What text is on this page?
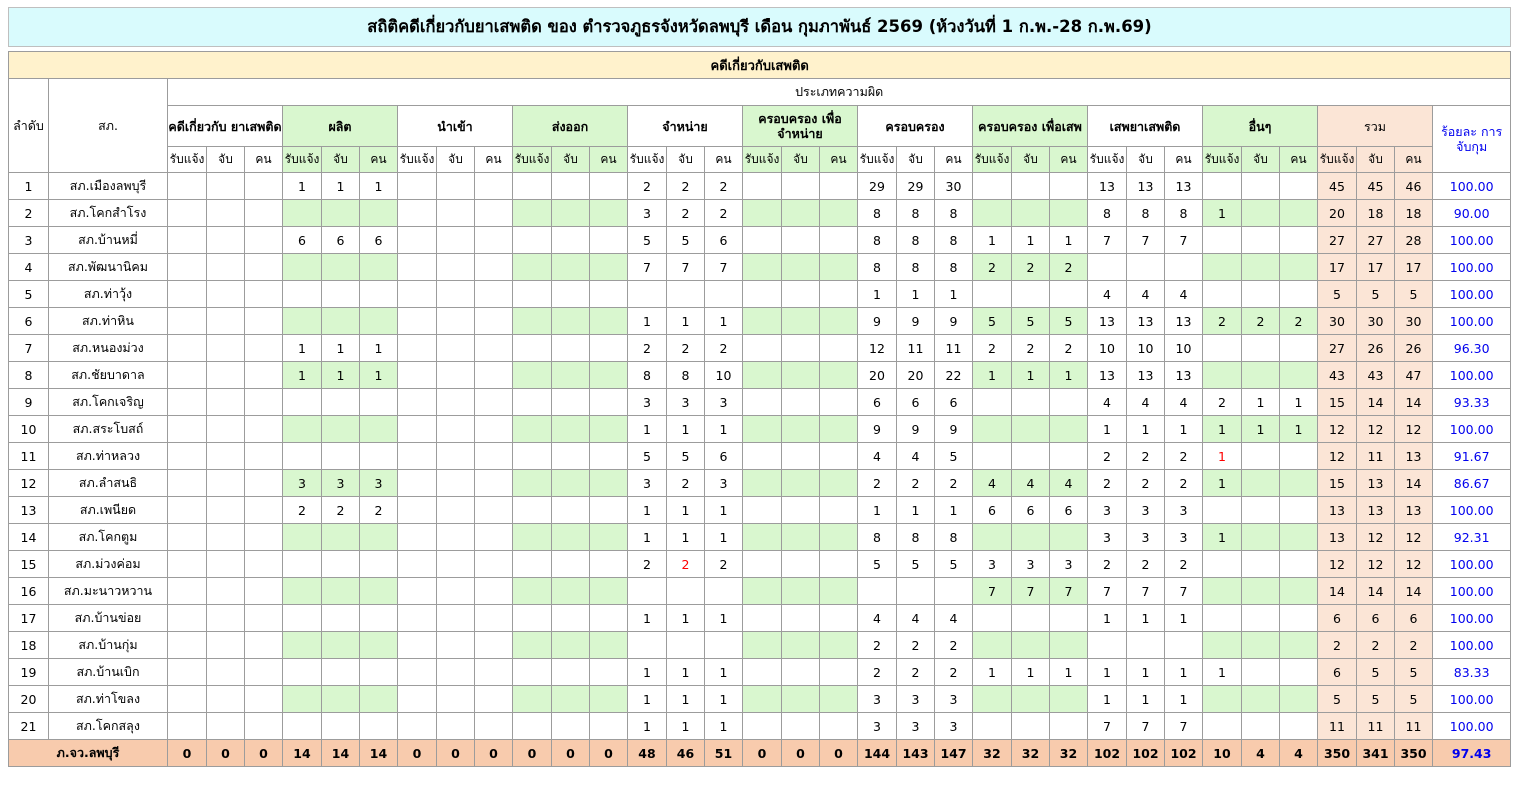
สถิติคดีเกี่ยวกับยาเสพติด ของ ตำรวจภูธรจังหวัดลพบุรี เดือน กุมภาพันธ์ 2569 (ห้วงวันที่ 1 ก.พ.-28 ก.พ.69)
คดีเกี่ยวกับเสพติด																																			
ลำดับ	สภ.	ประเภทความผิด																																	
		คดีเกี่ยวกับ ยาเสพติด			ผลิต			นำเข้า			ส่งออก			จำหน่าย			ครอบครอง เพื่อจำหน่าย			ครอบครอง			ครอบครอง เพื่อเสพ			เสพยาเสพติด			อื่นๆ			รวม			ร้อยละ การจับกุม
		รับแจ้ง	จับ	คน	รับแจ้ง	จับ	คน	รับแจ้ง	จับ	คน	รับแจ้ง	จับ	คน	รับแจ้ง	จับ	คน	รับแจ้ง	จับ	คน	รับแจ้ง	จับ	คน	รับแจ้ง	จับ	คน	รับแจ้ง	จับ	คน	รับแจ้ง	จับ	คน	รับแจ้ง	จับ	คน	
1	สภ.เมืองลพบุรี				1	1	1							2	2	2				29	29	30				13	13	13				45	45	46	100.00
2	สภ.โคกสำโรง													3	2	2				8	8	8				8	8	8	1			20	18	18	90.00
3	สภ.บ้านหมี่				6	6	6							5	5	6				8	8	8	1	1	1	7	7	7				27	27	28	100.00
4	สภ.พัฒนานิคม													7	7	7				8	8	8	2	2	2							17	17	17	100.00
5	สภ.ท่าวุ้ง																			1	1	1				4	4	4				5	5	5	100.00
6	สภ.ท่าหิน													1	1	1				9	9	9	5	5	5	13	13	13	2	2	2	30	30	30	100.00
7	สภ.หนองม่วง				1	1	1							2	2	2				12	11	11	2	2	2	10	10	10				27	26	26	96.30
8	สภ.ชัยบาดาล				1	1	1							8	8	10				20	20	22	1	1	1	13	13	13				43	43	47	100.00
9	สภ.โคกเจริญ													3	3	3				6	6	6				4	4	4	2	1	1	15	14	14	93.33
10	สภ.สระโบสถ์													1	1	1				9	9	9				1	1	1	1	1	1	12	12	12	100.00
11	สภ.ท่าหลวง													5	5	6				4	4	5				2	2	2	1			12	11	13	91.67
12	สภ.ลำสนธิ				3	3	3							3	2	3				2	2	2	4	4	4	2	2	2	1			15	13	14	86.67
13	สภ.เพนียด				2	2	2							1	1	1				1	1	1	6	6	6	3	3	3				13	13	13	100.00
14	สภ.โคกตูม													1	1	1				8	8	8				3	3	3	1			13	12	12	92.31
15	สภ.ม่วงค่อม													2	2	2				5	5	5	3	3	3	2	2	2				12	12	12	100.00
16	สภ.มะนาวหวาน																						7	7	7	7	7	7				14	14	14	100.00
17	สภ.บ้านข่อย													1	1	1				4	4	4				1	1	1				6	6	6	100.00
18	สภ.บ้านกุ่ม																			2	2	2										2	2	2	100.00
19	สภ.บ้านเบิก													1	1	1				2	2	2	1	1	1	1	1	1	1			6	5	5	83.33
20	สภ.ท่าโขลง													1	1	1				3	3	3				1	1	1				5	5	5	100.00
21	สภ.โคกสลุง													1	1	1				3	3	3				7	7	7				11	11	11	100.00
ภ.จว.ลพบุรี		0	0	0	14	14	14	0	0	0	0	0	0	48	46	51	0	0	0	144	143	147	32	32	32	102	102	102	10	4	4	350	341	350	97.43
